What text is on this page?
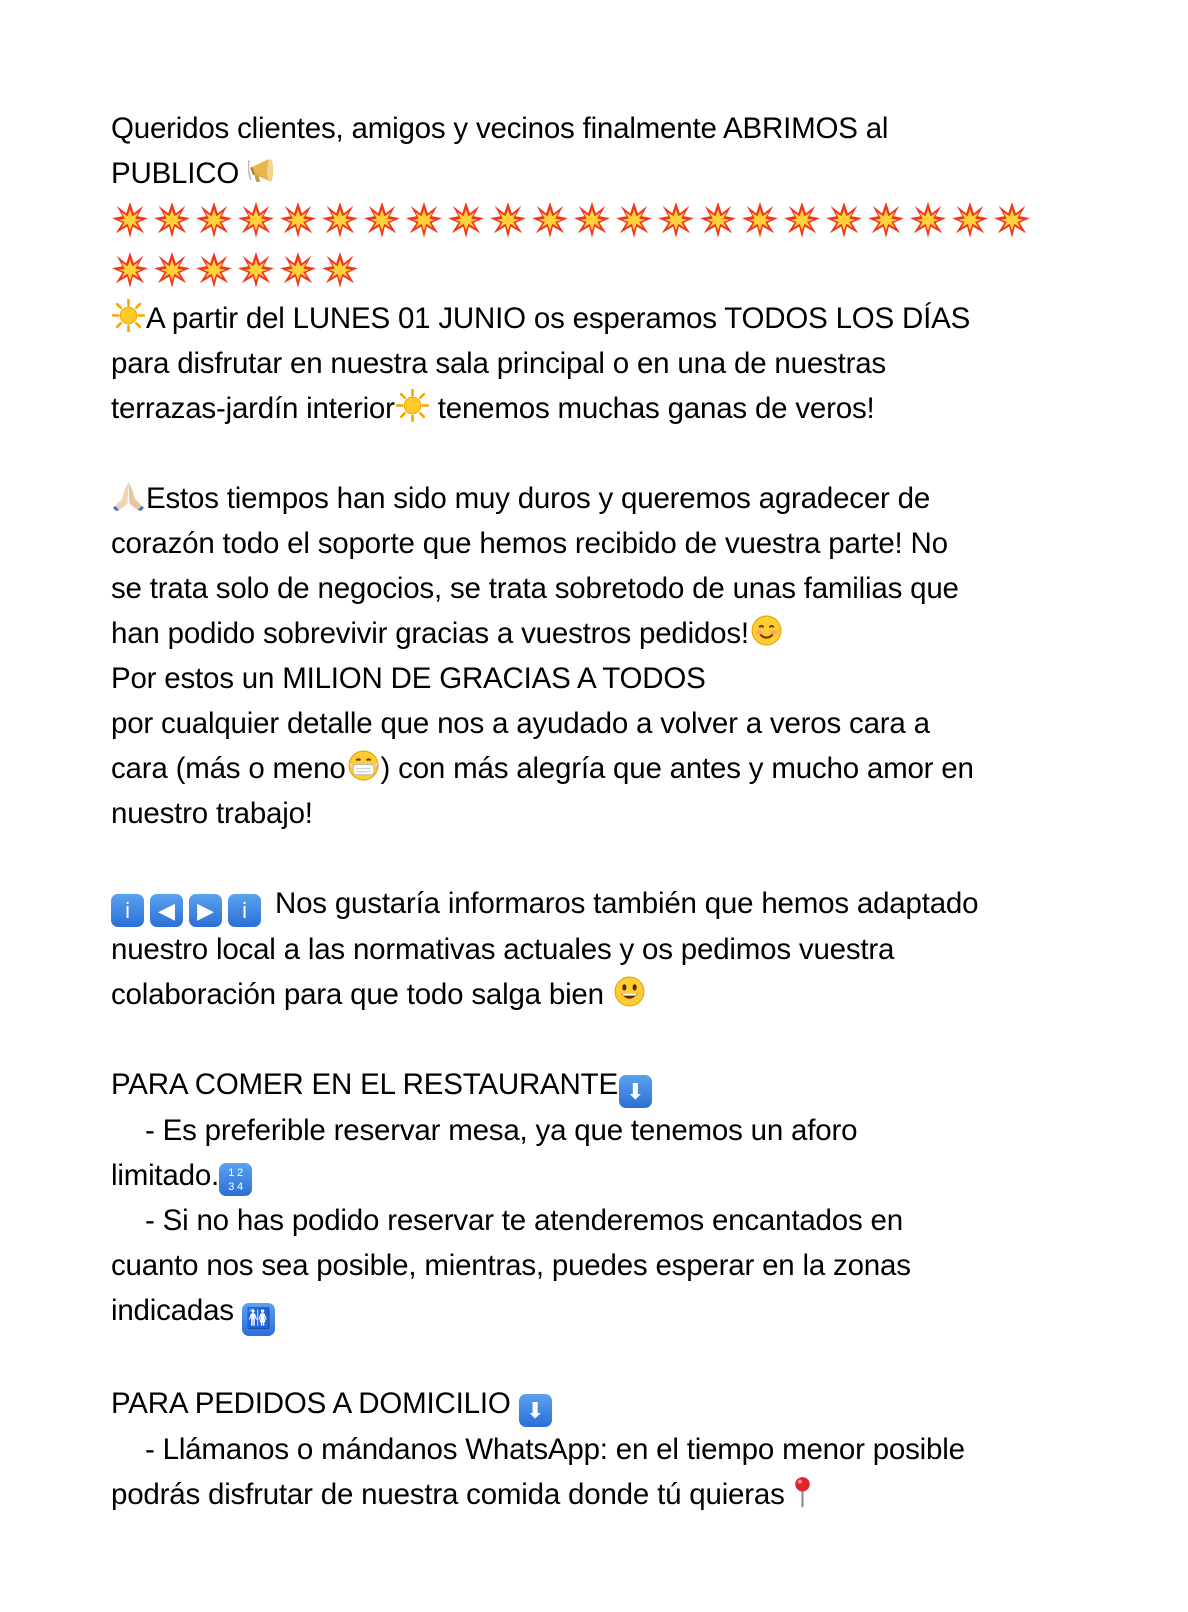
Queridos clientes, amigos y vecinos finalmente ABRIMOS al
PUBLICO
A partir del LUNES 01 JUNIO os esperamos TODOS LOS DÍAS
para disfrutar en nuestra sala principal o en una de nuestras
terrazas-jardín interior
tenemos muchas ganas de veros!
Estos tiempos han sido muy duros y queremos agradecer de
corazón todo el soporte que hemos recibido de vuestra parte! No
se trata solo de negocios, se trata sobretodo de unas familias que
han podido sobrevivir gracias a vuestros pedidos!
Por estos un MILION DE GRACIAS A TODOS
por cualquier detalle que nos a ayudado a volver a veros cara a
cara (más o meno ) con más alegría que antes y mucho amor en
nuestro trabajo!
i ◀ ▶ i Nos gustaría informaros también que hemos adaptado
nuestro local a las normativas actuales y os pedimos vuestra
colaboración para que todo salga bien
PARA COMER EN EL RESTAURANTE ⬇
- Es preferible reservar mesa, ya que tenemos un aforo
limitado. 1 2
3 4
- Si no has podido reservar te atenderemos encantados en
cuanto nos sea posible, mientras, puedes esperar en la zonas
indicadas 🚻
PARA PEDIDOS A DOMICILIO ⬇
- Llámanos o mándanos WhatsApp: en el tiempo menor posible
podrás disfrutar de nuestra comida donde tú quieras
